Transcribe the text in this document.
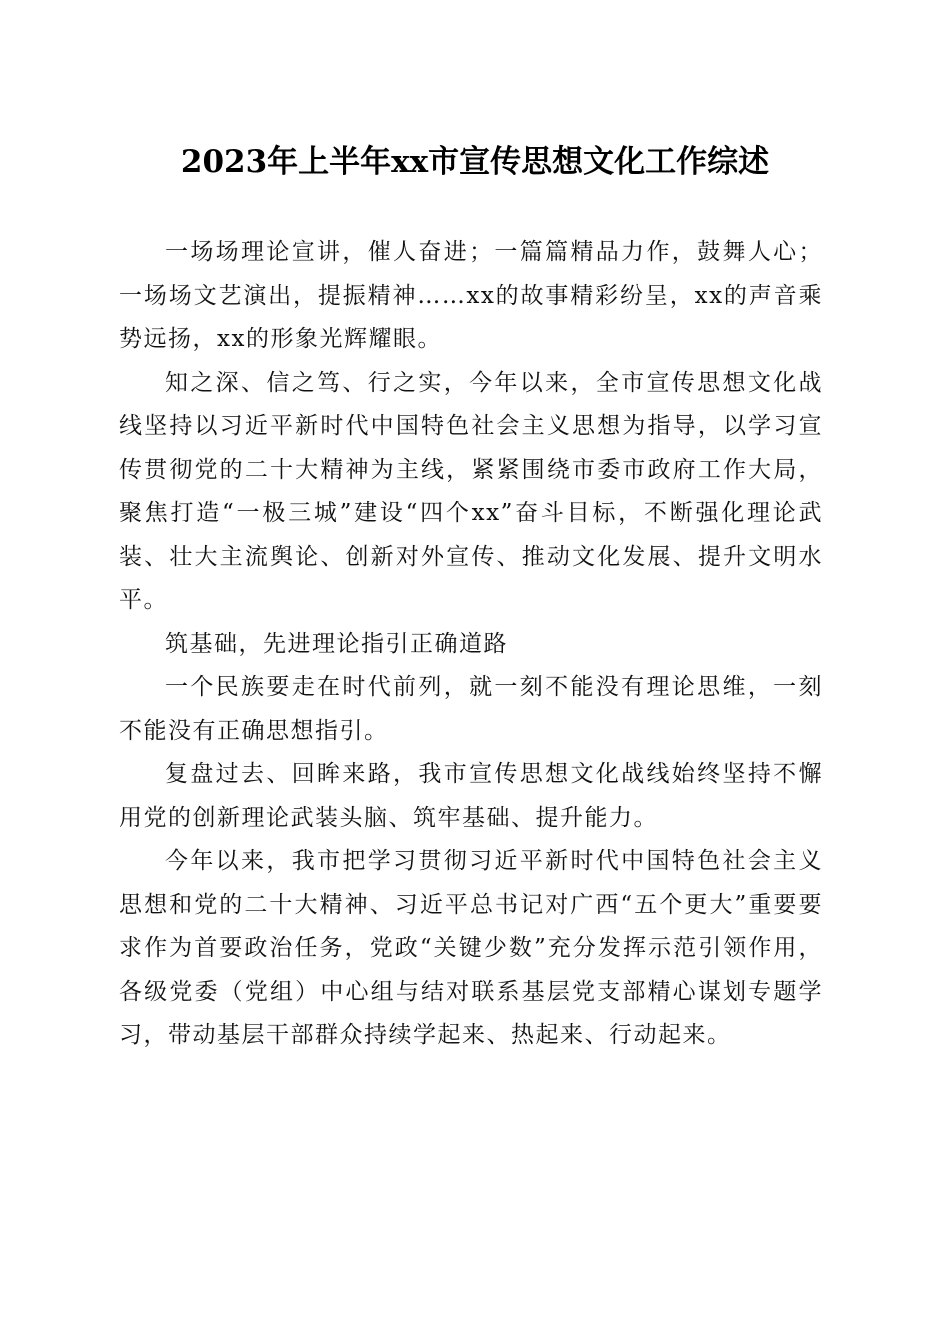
2023年上半年xx市宣传思想文化工作综述

一场场理论宣讲，催人奋进；一篇篇精品力作，鼓舞人心；一场场文艺演出，提振精神……xx的故事精彩纷呈，xx的声音乘势远扬，xx的形象光辉耀眼。

知之深、信之笃、行之实，今年以来，全市宣传思想文化战线坚持以习近平新时代中国特色社会主义思想为指导，以学习宣传贯彻党的二十大精神为主线，紧紧围绕市委市政府工作大局，聚焦打造“一极三城”建设“四个xx”奋斗目标，不断强化理论武装、壮大主流舆论、创新对外宣传、推动文化发展、提升文明水平。

筑基础，先进理论指引正确道路

一个民族要走在时代前列，就一刻不能没有理论思维，一刻不能没有正确思想指引。

复盘过去、回眸来路，我市宣传思想文化战线始终坚持不懈用党的创新理论武装头脑、筑牢基础、提升能力。

今年以来，我市把学习贯彻习近平新时代中国特色社会主义思想和党的二十大精神、习近平总书记对广西“五个更大”重要要求作为首要政治任务，党政“关键少数”充分发挥示范引领作用，各级党委（党组）中心组与结对联系基层党支部精心谋划专题学习，带动基层干部群众持续学起来、热起来、行动起来。
